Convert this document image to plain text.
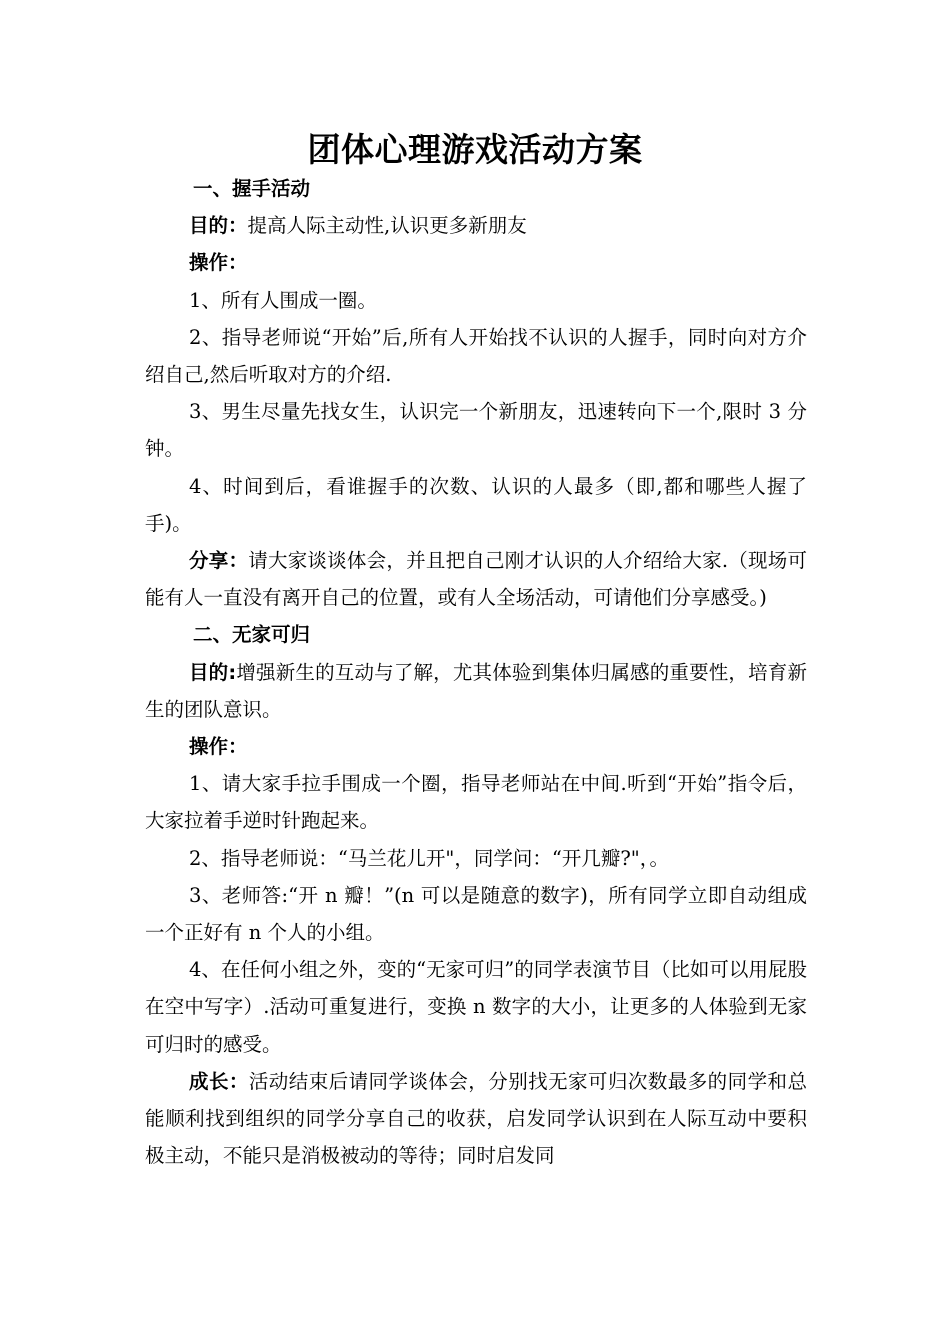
团体心理游戏活动方案
一、握手活动

目的：提高人际主动性,认识更多新朋友

操作：

1、所有人围成一圈。

2、指导老师说“开始”后,所有人开始找不认识的人握手，同时向对方介绍自己,然后听取对方的介绍.

3、男生尽量先找女生，认识完一个新朋友，迅速转向下一个,限时 3 分钟。

4、时间到后，看谁握手的次数、认识的人最多（即,都和哪些人握了手)。

分享：请大家谈谈体会，并且把自己刚才认识的人介绍给大家.（现场可能有人一直没有离开自己的位置，或有人全场活动，可请他们分享感受。)

二、无家可归

目的:增强新生的互动与了解，尤其体验到集体归属感的重要性，培育新生的团队意识。

操作：

1、请大家手拉手围成一个圈，指导老师站在中间.听到“开始”指令后，大家拉着手逆时针跑起来。

2、指导老师说：“马兰花儿开"，同学问：“开几瓣?"，。

3、老师答:“开 n 瓣！”(n 可以是随意的数字)，所有同学立即自动组成一个正好有 n 个人的小组。

4、在任何小组之外，变的“无家可归”的同学表演节目（比如可以用屁股在空中写字）.活动可重复进行，变换 n 数字的大小，让更多的人体验到无家可归时的感受。

成长：活动结束后请同学谈体会，分别找无家可归次数最多的同学和总能顺利找到组织的同学分享自己的收获，启发同学认识到在人际互动中要积极主动，不能只是消极被动的等待；同时启发同
